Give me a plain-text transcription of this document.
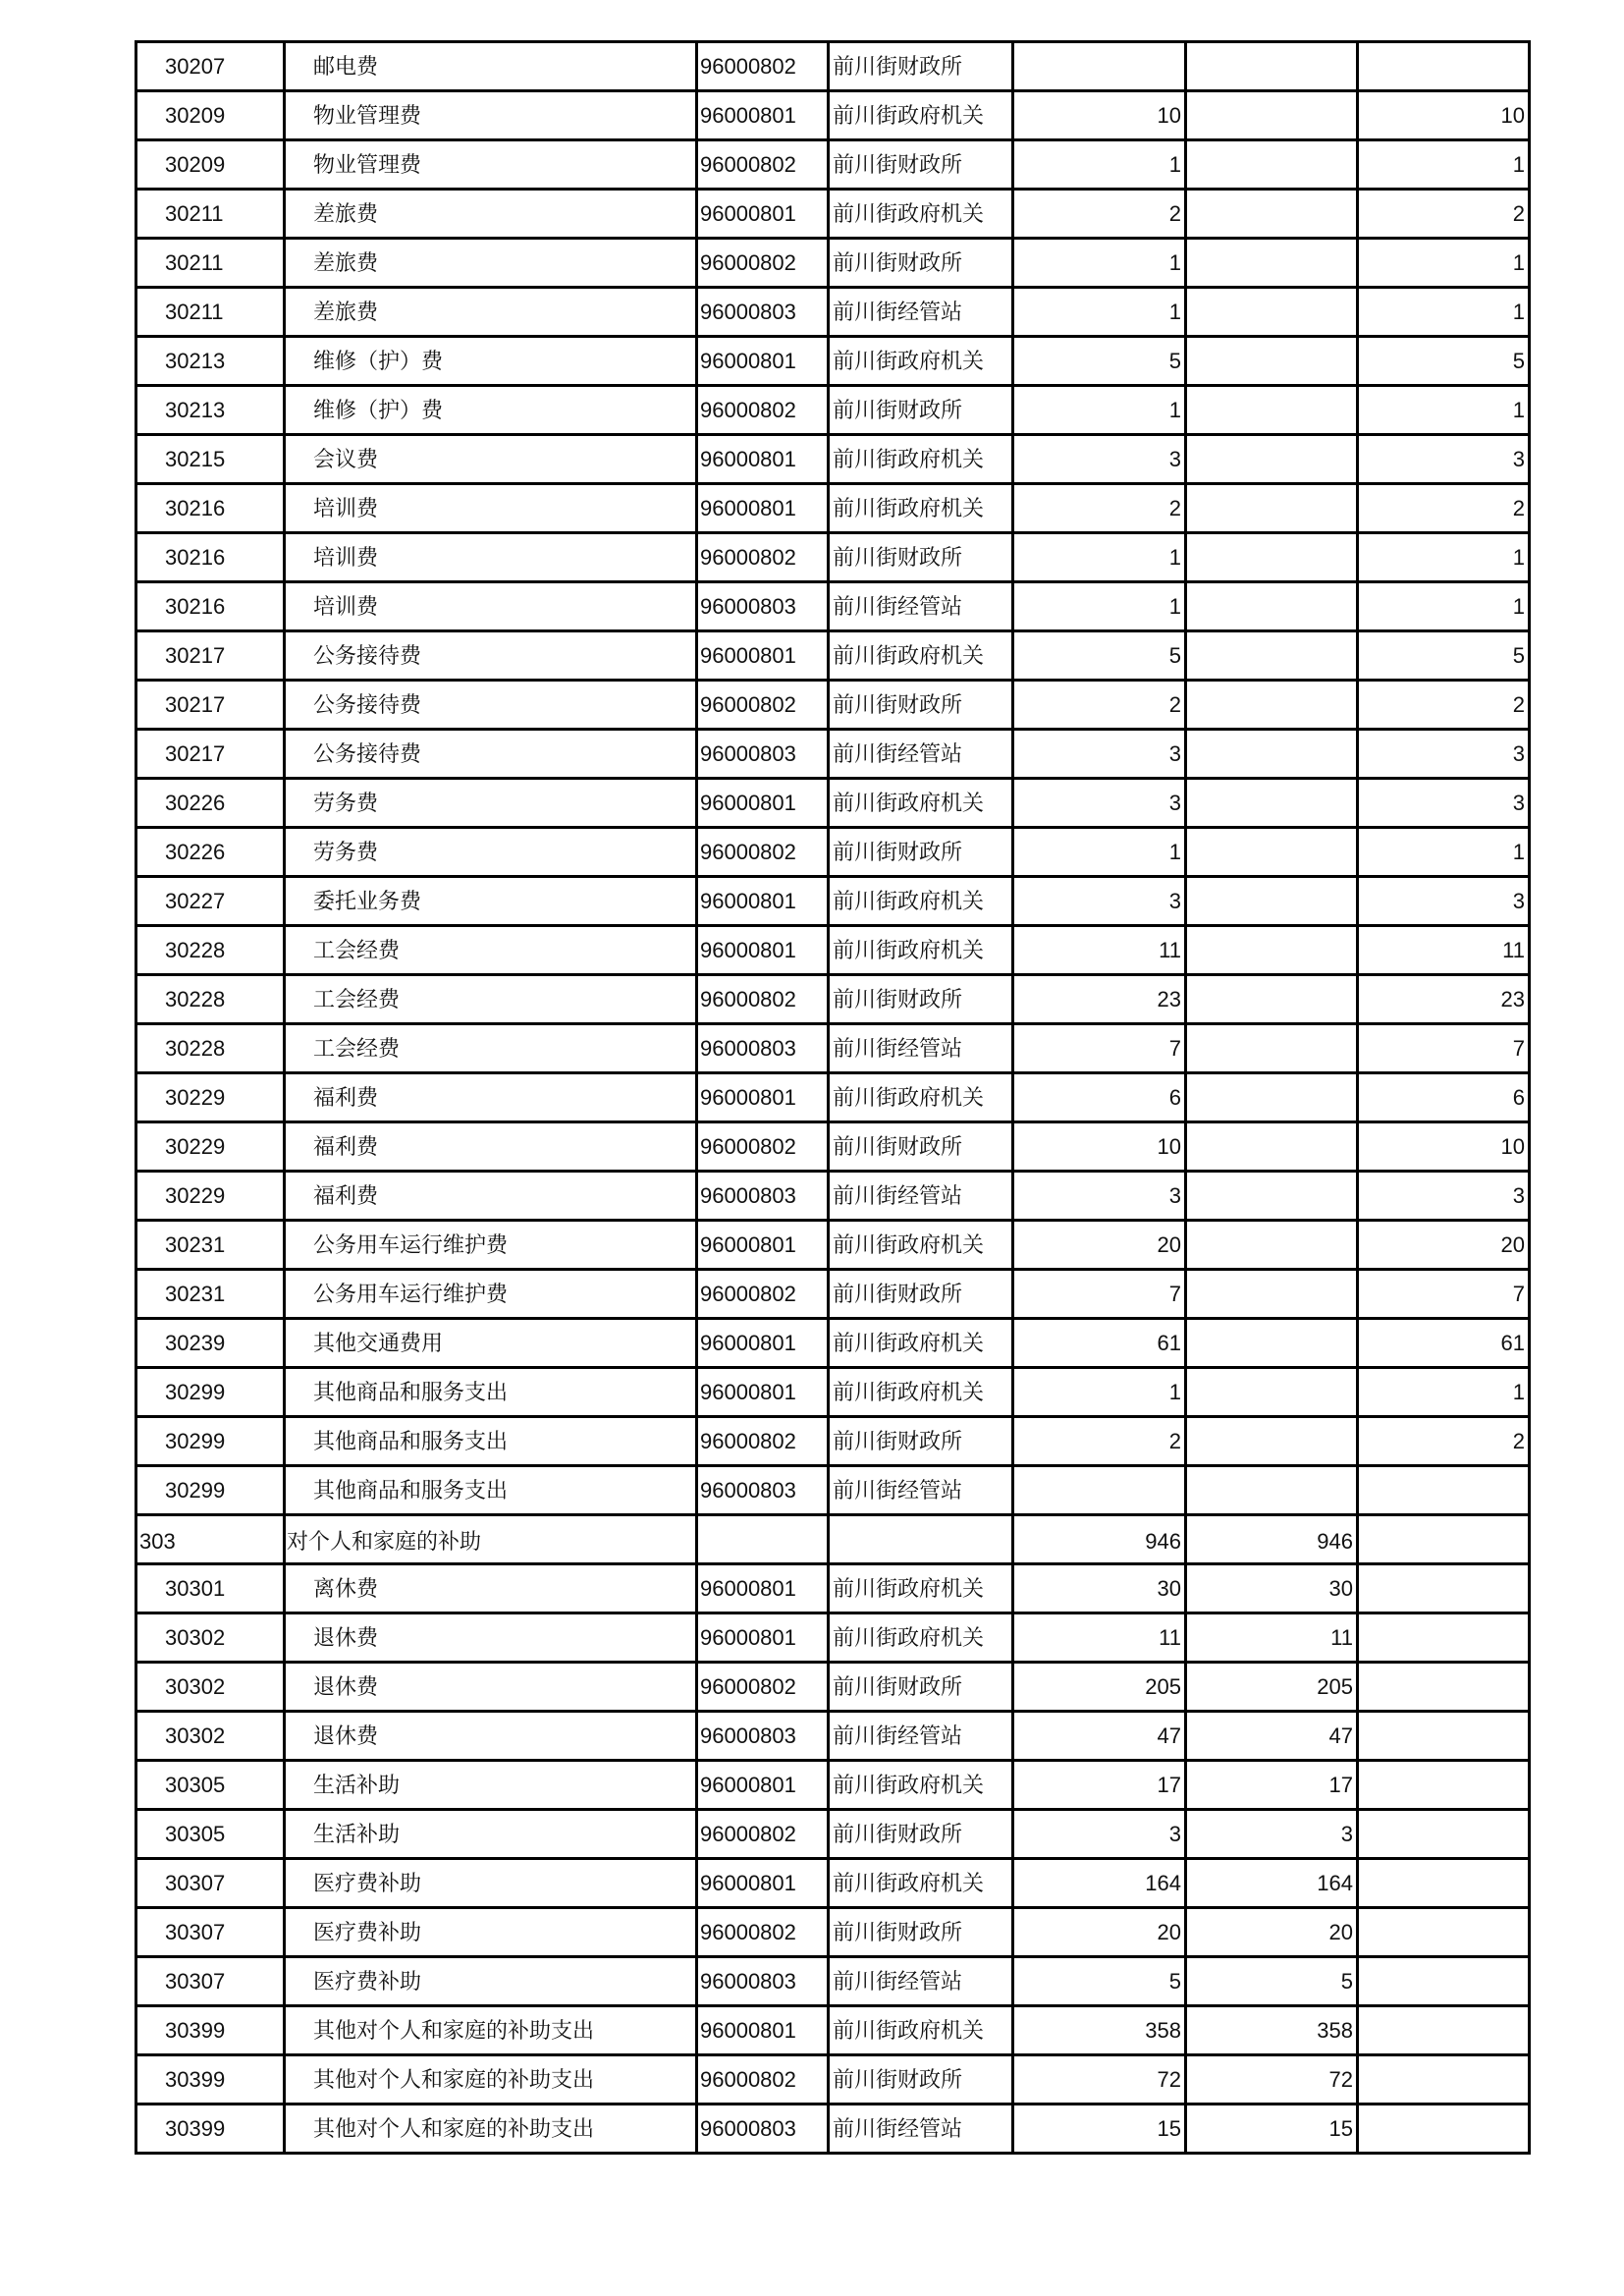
30207	邮电费	96000802	前川街财政所			
30209	物业管理费	96000801	前川街政府机关	10		10
30209	物业管理费	96000802	前川街财政所	1		1
30211	差旅费	96000801	前川街政府机关	2		2
30211	差旅费	96000802	前川街财政所	1		1
30211	差旅费	96000803	前川街经管站	1		1
30213	维修（护）费	96000801	前川街政府机关	5		5
30213	维修（护）费	96000802	前川街财政所	1		1
30215	会议费	96000801	前川街政府机关	3		3
30216	培训费	96000801	前川街政府机关	2		2
30216	培训费	96000802	前川街财政所	1		1
30216	培训费	96000803	前川街经管站	1		1
30217	公务接待费	96000801	前川街政府机关	5		5
30217	公务接待费	96000802	前川街财政所	2		2
30217	公务接待费	96000803	前川街经管站	3		3
30226	劳务费	96000801	前川街政府机关	3		3
30226	劳务费	96000802	前川街财政所	1		1
30227	委托业务费	96000801	前川街政府机关	3		3
30228	工会经费	96000801	前川街政府机关	11		11
30228	工会经费	96000802	前川街财政所	23		23
30228	工会经费	96000803	前川街经管站	7		7
30229	福利费	96000801	前川街政府机关	6		6
30229	福利费	96000802	前川街财政所	10		10
30229	福利费	96000803	前川街经管站	3		3
30231	公务用车运行维护费	96000801	前川街政府机关	20		20
30231	公务用车运行维护费	96000802	前川街财政所	7		7
30239	其他交通费用	96000801	前川街政府机关	61		61
30299	其他商品和服务支出	96000801	前川街政府机关	1		1
30299	其他商品和服务支出	96000802	前川街财政所	2		2
30299	其他商品和服务支出	96000803	前川街经管站			
303	对个人和家庭的补助			946	946	
30301	离休费	96000801	前川街政府机关	30	30	
30302	退休费	96000801	前川街政府机关	11	11	
30302	退休费	96000802	前川街财政所	205	205	
30302	退休费	96000803	前川街经管站	47	47	
30305	生活补助	96000801	前川街政府机关	17	17	
30305	生活补助	96000802	前川街财政所	3	3	
30307	医疗费补助	96000801	前川街政府机关	164	164	
30307	医疗费补助	96000802	前川街财政所	20	20	
30307	医疗费补助	96000803	前川街经管站	5	5	
30399	其他对个人和家庭的补助支出	96000801	前川街政府机关	358	358	
30399	其他对个人和家庭的补助支出	96000802	前川街财政所	72	72	
30399	其他对个人和家庭的补助支出	96000803	前川街经管站	15	15	
